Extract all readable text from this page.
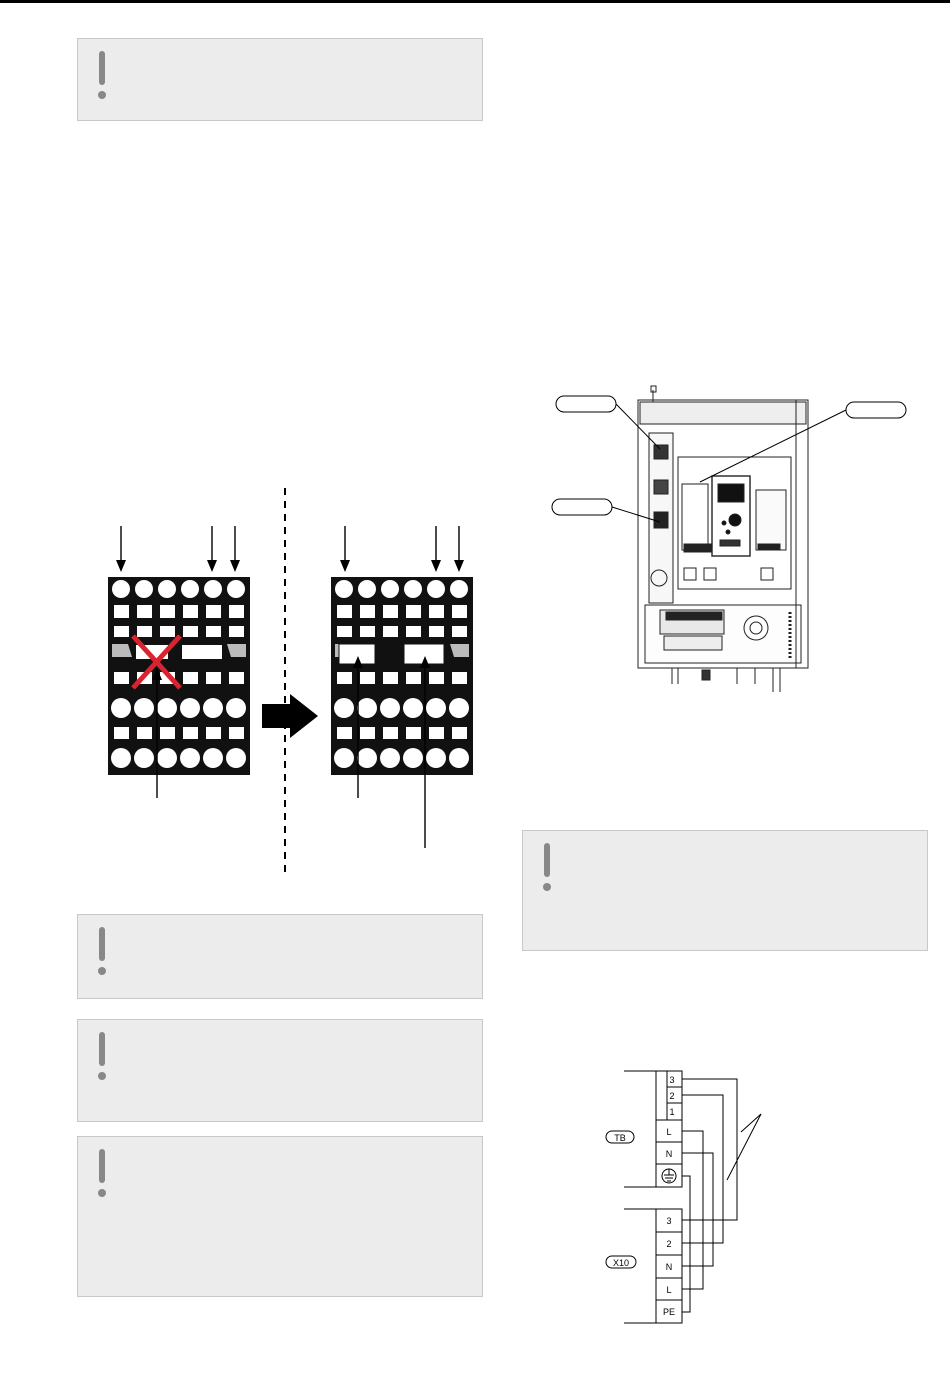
3
2
1
L
N
3
2
N
L
PE
TB
X10
